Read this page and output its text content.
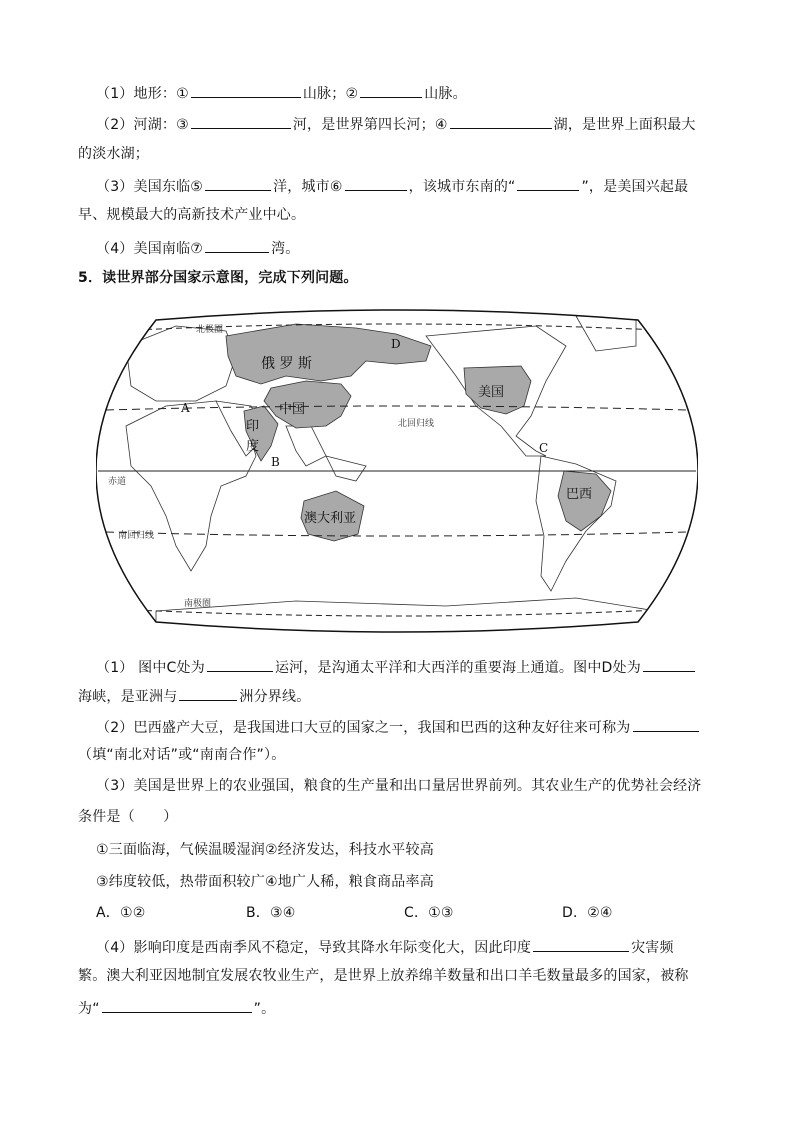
（1）地形：①	山脉；②	山脉。
（2）河湖：③	河，是世界第四长河；④	湖，是世界上面积最大
的淡水湖；
（3）美国东临⑤	洋，城市⑥	，该城市东南的“	”，是美国兴起最
早、规模最大的高新技术产业中心。
（4）美国南临⑦	湾。
5．读世界部分国家示意图，完成下列问题。
俄 罗 斯
中国
印
度
美国
巴西
澳大利亚
A
B
C
D
北极圈
北回归线
赤道
南回归线
南极圈
（1） 图中C处为	运河，是沟通太平洋和大西洋的重要海上通道。图中D处为
海峡，是亚洲与	洲分界线。
（2）巴西盛产大豆，是我国进口大豆的国家之一，我国和巴西的这种友好往来可称为
（填“南北对话”或“南南合作”）。
（3）美国是世界上的农业强国，粮食的生产量和出口量居世界前列。其农业生产的优势社会经济
条件是（　　）
①三面临海，气候温暖湿润②经济发达，科技水平较高
③纬度较低，热带面积较广④地广人稀，粮食商品率高
A．①②	B．③④	C．①③	D．②④
（4）影响印度是西南季风不稳定，导致其降水年际变化大，因此印度	灾害频
繁。澳大利亚因地制宜发展农牧业生产，是世界上放养绵羊数量和出口羊毛数量最多的国家，被称
为“	”。
